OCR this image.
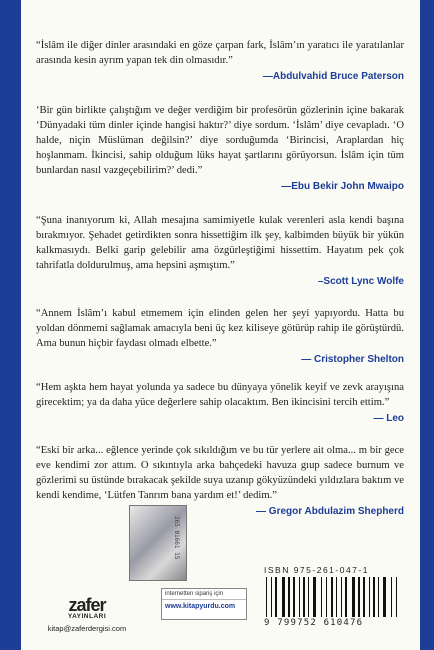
“İslâm ile diğer dinler arasındaki en göze çarpan fark, İslâm’ın yaratıcı ile yaratılanlar arasında kesin ayrım yapan tek din olmasıdır.”

—Abdulvahid Bruce Paterson

‘Bir gün birlikte çalıştığım ve değer verdiğim bir profesörün gözlerinin içine bakarak ‘Dünyadaki tüm dinler içinde hangisi haktır?’ diye sordum. ‘İslâm’ diye cevapladı. ‘O halde, niçin Müslüman değilsin?’ diye sorduğumda ‘Birincisi, Araplardan hiç hoşlanmam. İkincisi, sahip olduğum lüks hayat şartlarını görüyorsun. İslâm için tüm bunlardan nasıl vazgeçebilirim?’ dedi.”

—Ebu Bekir John Mwaipo

“Şuna inanıyorum ki, Allah mesajına samimiyetle kulak verenleri asla kendi başına bırakmıyor. Şehadet getirdikten sonra hissettiğim ilk şey, kalbimden büyük bir yükün kalkmasıydı. Belki garip gelebilir ama özgürleştiğimi hissettim. Hayatım pek çok tahrifatla doldurulmuş, ama hepsini aşmıştım.”

–Scott Lync Wolfe

“Annem İslâm’ı kabul etmemem için elinden gelen her şeyi yapıyordu. Hatta bu yoldan dönmemi sağlamak amacıyla beni üç kez kiliseye götürüp rahip ile görüştürdü. Ama bunun hiçbir faydası olmadı elbette.”

— Cristopher Shelton

“Hem aşkta hem hayat yolunda ya sadece bu dünyaya yönelik keyif ve zevk arayışına girecektim; ya da daha yüce değerlere sahip olacaktım. Ben ikincisini tercih ettim.”

— Leo

“Eski bir arka... eğlence yerinde çok sıkıldığım ve bu tür yerlere ait olma... m bir gece eve kendimi zor attım. O sıkıntıyla arka bahçedeki havuza gıup sadece burnum ve gözlerimi su üstünde bırakacak şekilde suya uzanıp gökyüzündeki yıldızlara baktım ve kendi kendime, ‘Lütfen Tanrım bana yardım et!’ dedim.”

— Gregor Abdulazim Shepherd
265 01661 15
zafer
YAYINLARI
kitap@zaferdergisi.com
internetten sipariş için
www.kitapyurdu.com
ISBN 975-261-047-1
9 799752 610476
